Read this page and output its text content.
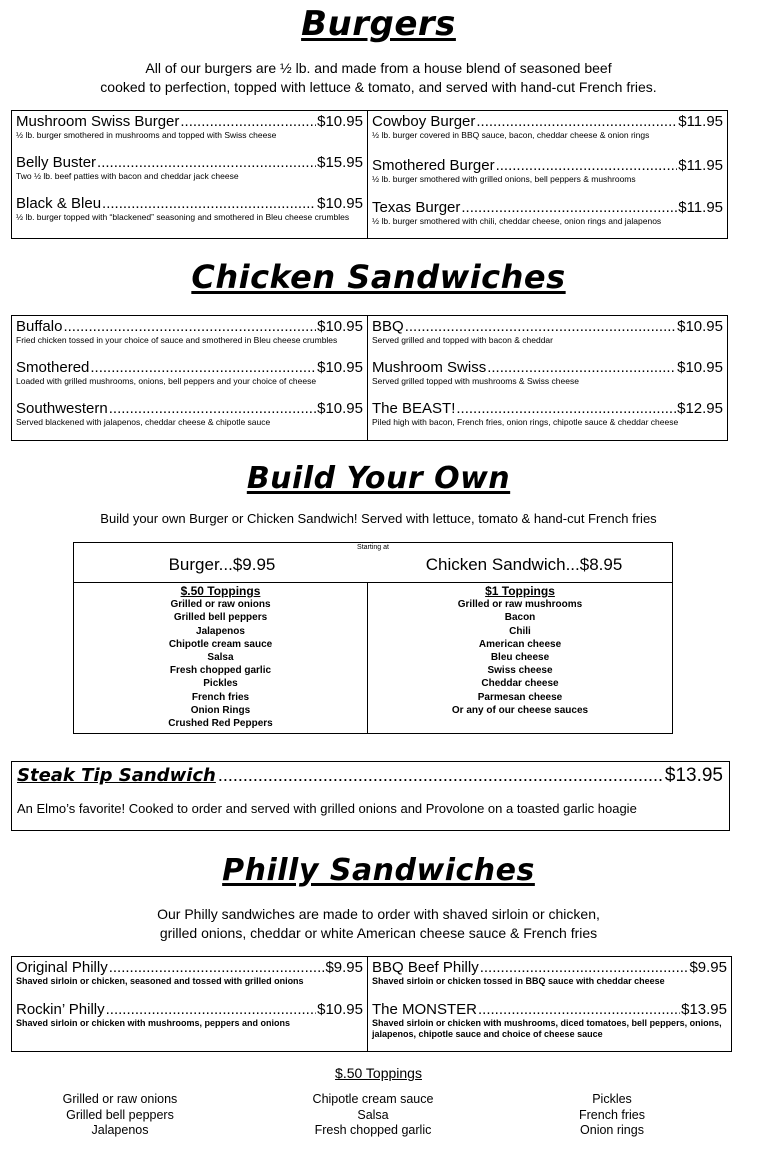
Burgers
All of our burgers are ½ lb. and made from a house blend of seasoned beef
cooked to perfection, topped with lettuce & tomato, and served with hand-cut French fries.
Mushroom Swiss Burger .....	$10.95
½ lb. burger smothered in mushrooms and topped with Swiss cheese
Belly Buster .....	$15.95
Two ½ lb. beef patties with bacon and cheddar jack cheese
Black & Bleu .....	$10.95
½ lb. burger topped with “blackened” seasoning and smothered in Bleu cheese crumbles
Cowboy Burger .....	$11.95
½ lb. burger covered in BBQ sauce, bacon, cheddar cheese & onion rings
Smothered Burger .....	$11.95
½ lb. burger smothered with grilled onions, bell peppers & mushrooms
Texas Burger .....	$11.95
½ lb. burger smothered with chili, cheddar cheese, onion rings and jalapenos
Chicken Sandwiches
Buffalo .....	$10.95
Fried chicken tossed in your choice of sauce and smothered in Bleu cheese crumbles
Smothered .....	$10.95
Loaded with grilled mushrooms, onions, bell peppers and your choice of cheese
Southwestern .....	$10.95
Served blackened with jalapenos, cheddar cheese & chipotle sauce
BBQ .....	$10.95
Served grilled and topped with bacon & cheddar
Mushroom Swiss .....	$10.95
Served grilled topped with mushrooms & Swiss cheese
The BEAST! .....	$12.95
Piled high with bacon, French fries, onion rings, chipotle sauce & cheddar cheese
Build Your Own
Build your own Burger or Chicken Sandwich! Served with lettuce, tomato & hand-cut French fries
Starting at
Burger...$9.95	Chicken Sandwich...$8.95
$.50 Toppings
Grilled or raw onions
Grilled bell peppers
Jalapenos
Chipotle cream sauce
Salsa
Fresh chopped garlic
Pickles
French fries
Onion Rings
Crushed Red Peppers
$1 Toppings
Grilled or raw mushrooms
Bacon
Chili
American cheese
Bleu cheese
Swiss cheese
Cheddar cheese
Parmesan cheese
Or any of our cheese sauces
Steak Tip Sandwich .....	$13.95
An Elmo’s favorite! Cooked to order and served with grilled onions and Provolone on a toasted garlic hoagie
Philly Sandwiches
Our Philly sandwiches are made to order with shaved sirloin or chicken,
grilled onions, cheddar or white American cheese sauce & French fries
Original Philly .....	$9.95
Shaved sirloin or chicken, seasoned and tossed with grilled onions
Rockin’ Philly .....	$10.95
Shaved sirloin or chicken with mushrooms, peppers and onions
BBQ Beef Philly .....	$9.95
Shaved sirloin or chicken tossed in BBQ sauce with cheddar cheese
The MONSTER .....	$13.95
Shaved sirloin or chicken with mushrooms, diced tomatoes, bell peppers, onions, jalapenos, chipotle sauce and choice of cheese sauce
$.50 Toppings
Grilled or raw onions
Grilled bell peppers
Jalapenos
Chipotle cream sauce
Salsa
Fresh chopped garlic
Pickles
French fries
Onion rings
